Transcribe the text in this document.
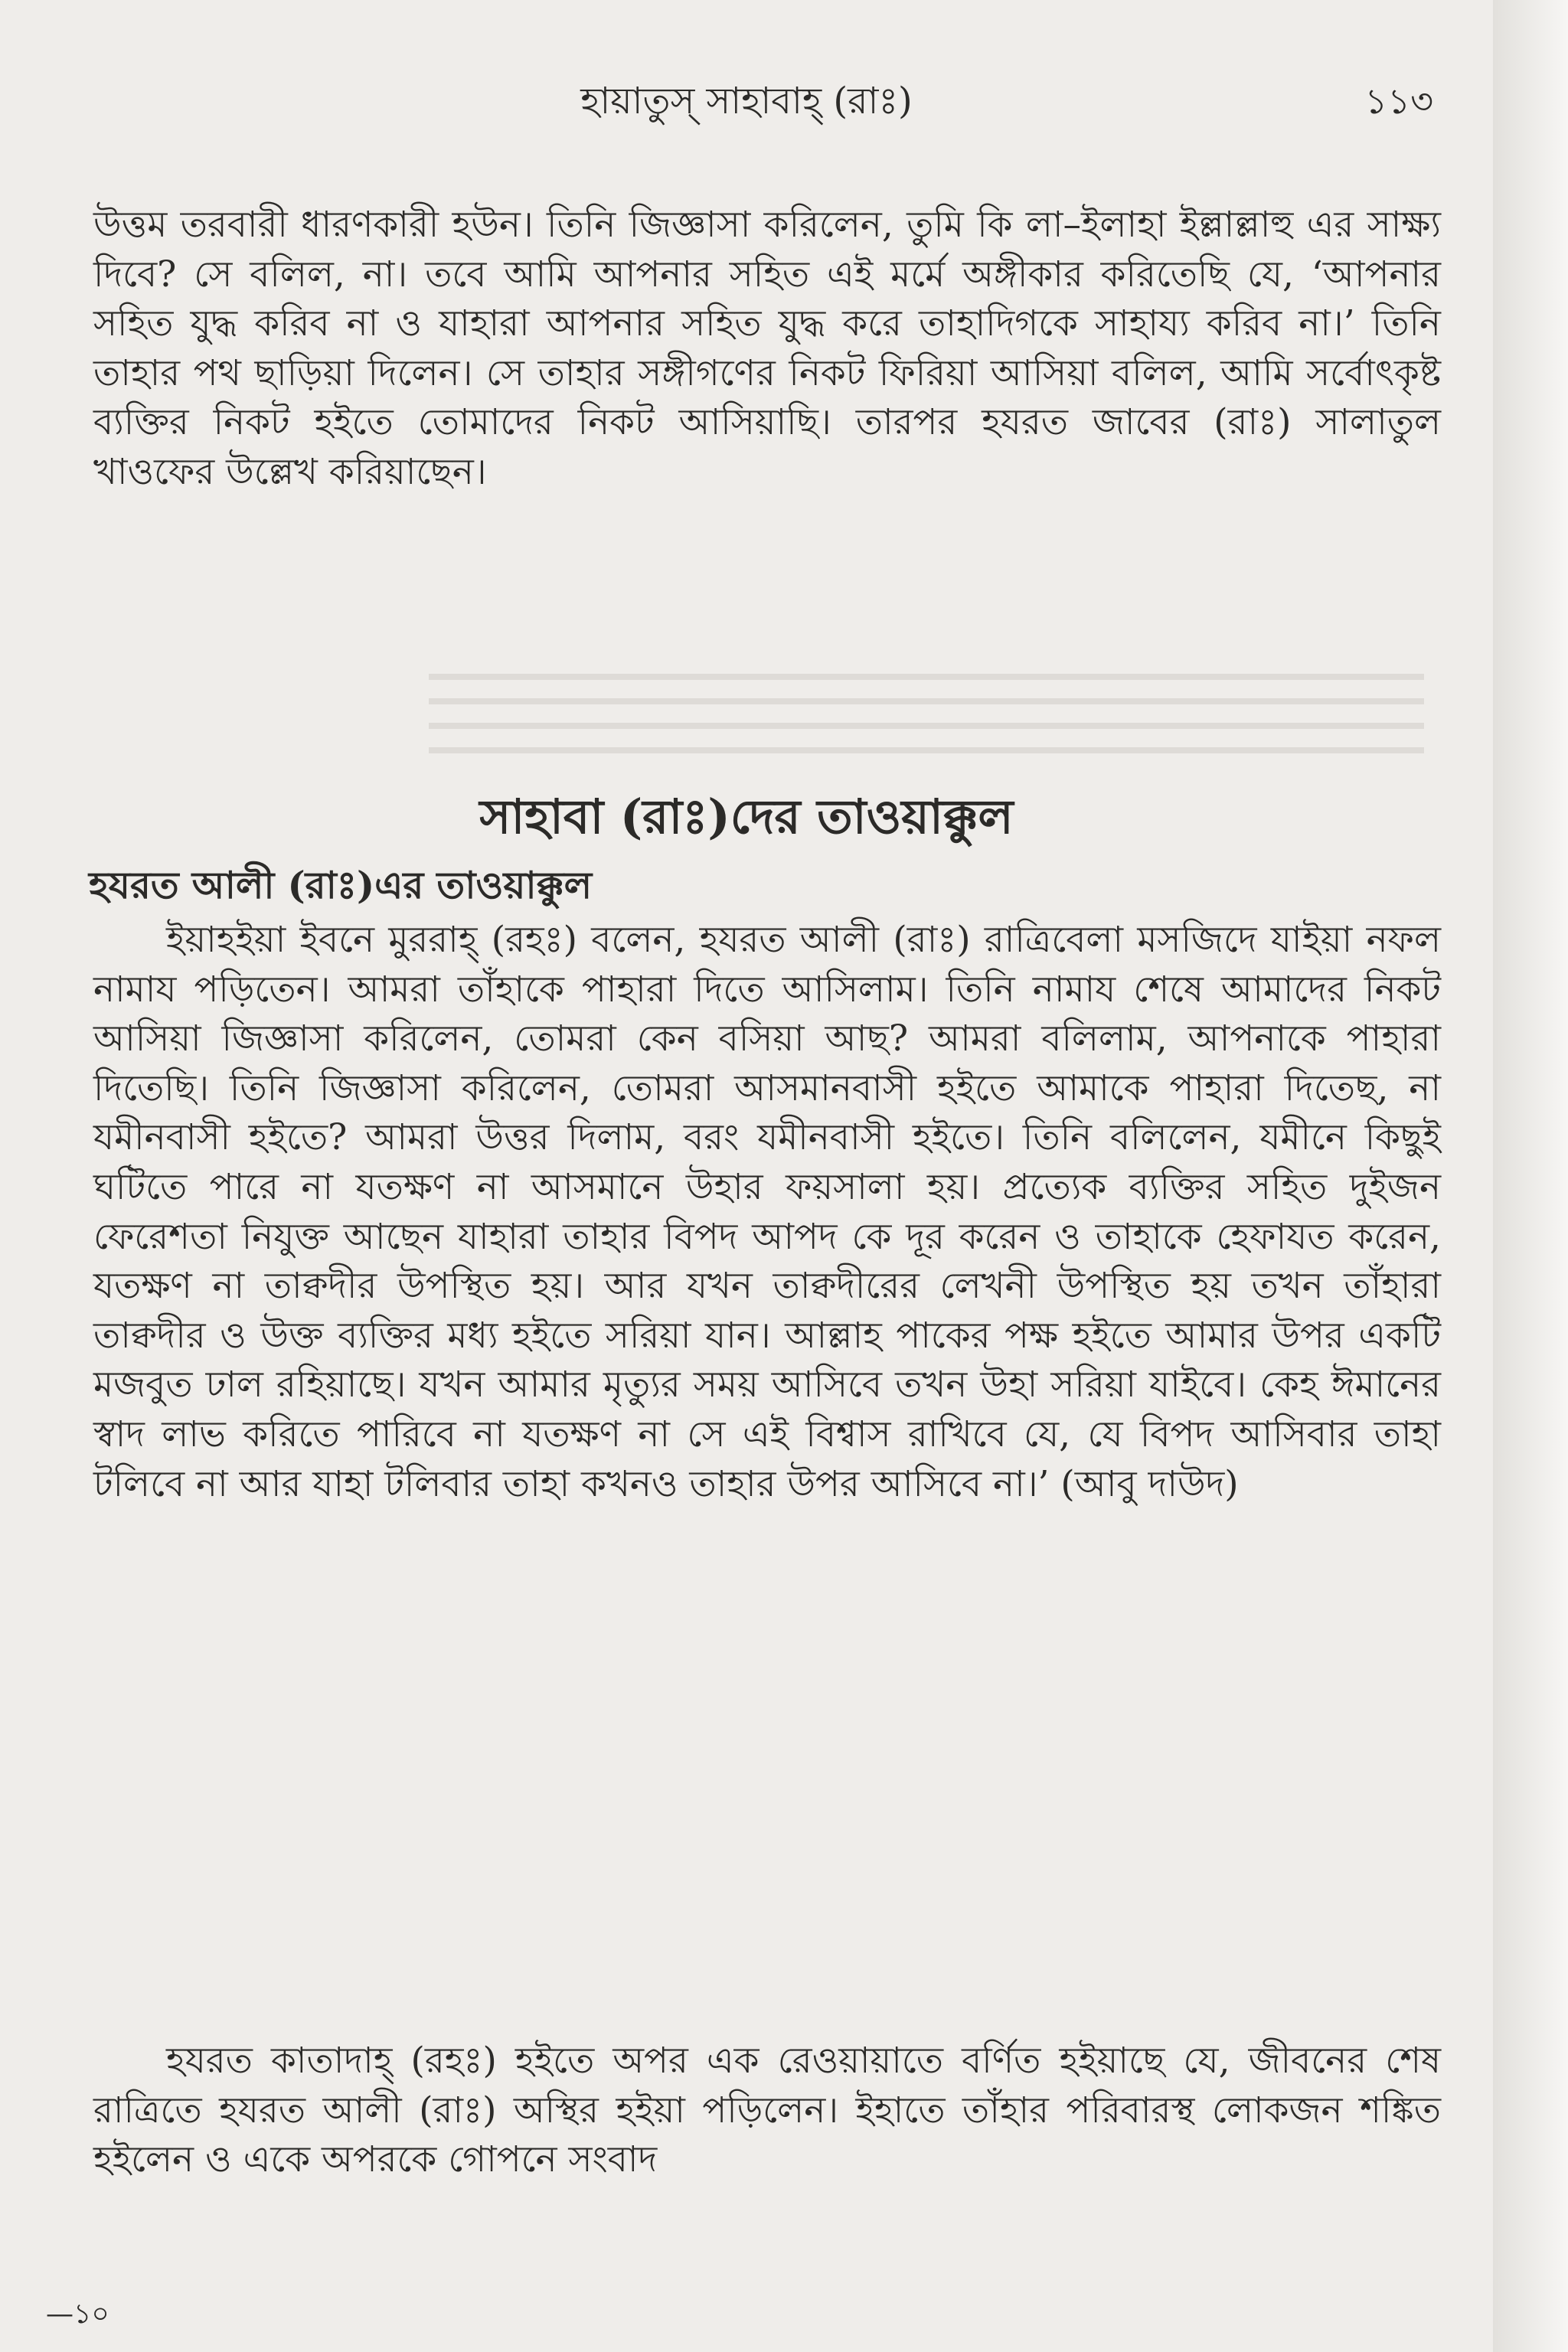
হায়াতুস্ সাহাবাহ্ (রাঃ)	১১৩

উত্তম তরবারী ধারণকারী হউন। তিনি জিজ্ঞাসা করিলেন, তুমি কি লা–ইলাহা ইল্লাল্লাহু এর সাক্ষ্য দিবে? সে বলিল, না। তবে আমি আপনার সহিত এই মর্মে অঙ্গীকার করিতেছি যে, ‘আপনার সহিত যুদ্ধ করিব না ও যাহারা আপনার সহিত যুদ্ধ করে তাহাদিগকে সাহায্য করিব না।’ তিনি তাহার পথ ছাড়িয়া দিলেন। সে তাহার সঙ্গীগণের নিকট ফিরিয়া আসিয়া বলিল, আমি সর্বোৎকৃষ্ট ব্যক্তির নিকট হইতে তোমাদের নিকট আসিয়াছি। তারপর হযরত জাবের (রাঃ) সালাতুল খাওফের উল্লেখ করিয়াছেন।

সাহাবা (রাঃ)দের তাওয়াক্কুল
হযরত আলী (রাঃ)এর তাওয়াক্কুল

ইয়াহইয়া ইবনে মুররাহ্ (রহঃ) বলেন, হযরত আলী (রাঃ) রাত্রিবেলা মসজিদে যাইয়া নফল নামায পড়িতেন। আমরা তাঁহাকে পাহারা দিতে আসিলাম। তিনি নামায শেষে আমাদের নিকট আসিয়া জিজ্ঞাসা করিলেন, তোমরা কেন বসিয়া আছ? আমরা বলিলাম, আপনাকে পাহারা দিতেছি। তিনি জিজ্ঞাসা করিলেন, তোমরা আসমানবাসী হইতে আমাকে পাহারা দিতেছ, না যমীনবাসী হইতে? আমরা উত্তর দিলাম, বরং যমীনবাসী হইতে। তিনি বলিলেন, যমীনে কিছুই ঘটিতে পারে না যতক্ষণ না আসমানে উহার ফয়সালা হয়। প্রত্যেক ব্যক্তির সহিত দুইজন ফেরেশতা নিযুক্ত আছেন যাহারা তাহার বিপদ আপদ কে দূর করেন ও তাহাকে হেফাযত করেন, যতক্ষণ না তাক্বদীর উপস্থিত হয়। আর যখন তাক্বদীরের লেখনী উপস্থিত হয় তখন তাঁহারা তাক্বদীর ও উক্ত ব্যক্তির মধ্য হইতে সরিয়া যান। আল্লাহ পাকের পক্ষ হইতে আমার উপর একটি মজবুত ঢাল রহিয়াছে। যখন আমার মৃত্যুর সময় আসিবে তখন উহা সরিয়া যাইবে। কেহ ঈমানের স্বাদ লাভ করিতে পারিবে না যতক্ষণ না সে এই বিশ্বাস রাখিবে যে, যে বিপদ আসিবার তাহা টলিবে না আর যাহা টলিবার তাহা কখনও তাহার উপর আসিবে না।’ (আবু দাউদ)

হযরত কাতাদাহ্ (রহঃ) হইতে অপর এক রেওয়ায়াতে বর্ণিত হইয়াছে যে, জীবনের শেষ রাত্রিতে হযরত আলী (রাঃ) অস্থির হইয়া পড়িলেন। ইহাতে তাঁহার পরিবারস্থ লোকজন শঙ্কিত হইলেন ও একে অপরকে গোপনে সংবাদ

—১০
